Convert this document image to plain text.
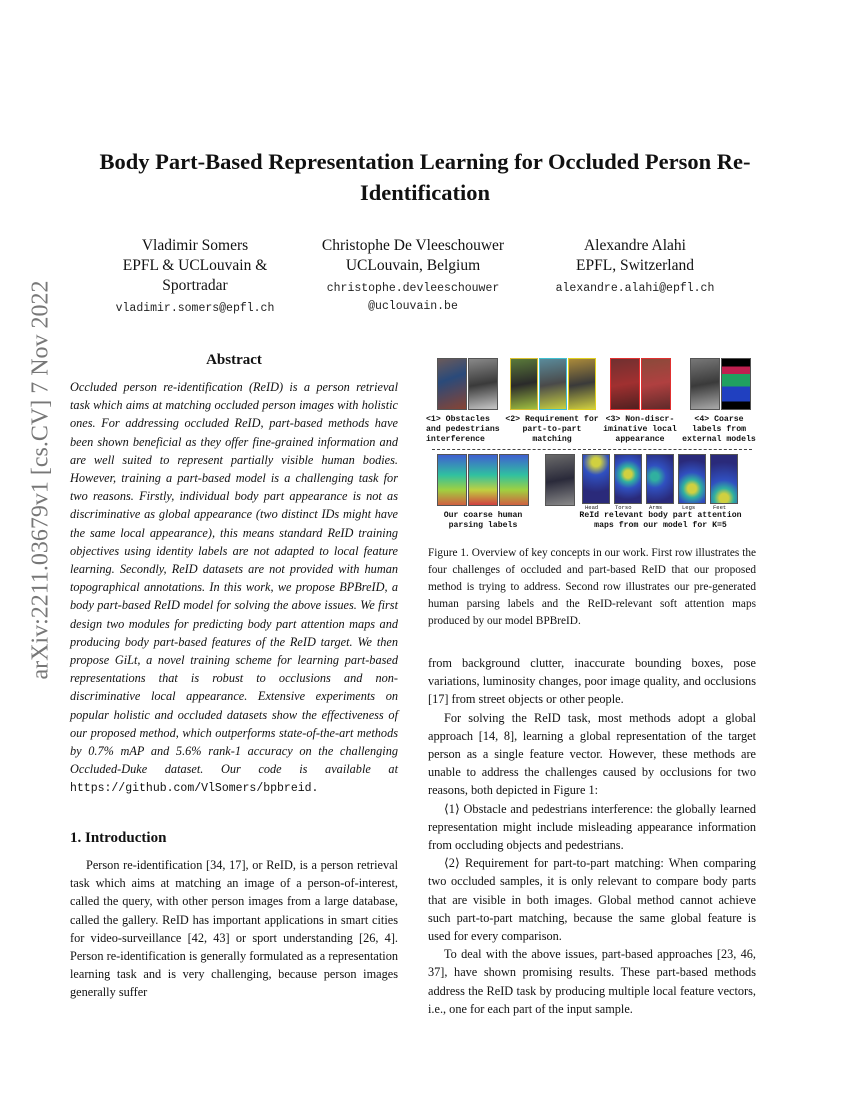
arXiv:2211.03679v1 [cs.CV] 7 Nov 2022
Body Part-Based Representation Learning for Occluded Person Re-Identification
Vladimir Somers
EPFL & UCLouvain &
Sportradar
vladimir.somers@epfl.ch
Christophe De Vleeschouwer
UCLouvain, Belgium
christophe.devleeschouwer
@uclouvain.be
Alexandre Alahi
EPFL, Switzerland
alexandre.alahi@epfl.ch
Abstract
Occluded person re-identification (ReID) is a person retrieval task which aims at matching occluded person images with holistic ones. For addressing occluded ReID, part-based methods have been shown beneficial as they offer fine-grained information and are well suited to represent partially visible human bodies. However, training a part-based model is a challenging task for two reasons. Firstly, individual body part appearance is not as discriminative as global appearance (two distinct IDs might have the same local appearance), this means standard ReID training objectives using identity labels are not adapted to local feature learning. Secondly, ReID datasets are not provided with human topographical annotations. In this work, we propose BPBreID, a body part-based ReID model for solving the above issues. We first design two modules for predicting body part attention maps and producing body part-based features of the ReID target. We then propose GiLt, a novel training scheme for learning part-based representations that is robust to occlusions and non-discriminative local appearance. Extensive experiments on popular holistic and occluded datasets show the effectiveness of our proposed method, which outperforms state-of-the-art methods by 0.7% mAP and 5.6% rank-1 accuracy on the challenging Occluded-Duke dataset. Our code is available at https://github.com/VlSomers/bpbreid.
1. Introduction
Person re-identification [34, 17], or ReID, is a person retrieval task which aims at matching an image of a person-of-interest, called the query, with other person images from a large database, called the gallery. ReID has important applications in smart cities for video-surveillance [42, 43] or sport understanding [26, 4]. Person re-identification is generally formulated as a representation learning task and is very challenging, because person images generally suffer
<1> Obstacles
and pedestrians
interference
<2> Requirement for
part-to-part
matching
<3> Non-discr-
iminative local
appearance
<4> Coarse
labels from
external models
Head	Torso	Arms	Legs	Feet
Our coarse human
parsing labels
ReId relevant body part attention
maps from our model for K=5
Figure 1. Overview of key concepts in our work. First row illustrates the four challenges of occluded and part-based ReID that our proposed method is trying to address. Second row illustrates our pre-generated human parsing labels and the ReID-relevant soft attention maps produced by our model BPBreID.

from background clutter, inaccurate bounding boxes, pose variations, luminosity changes, poor image quality, and occlusions [17] from street objects or other people.

For solving the ReID task, most methods adopt a global approach [14, 8], learning a global representation of the target person as a single feature vector. However, these methods are unable to address the challenges caused by occlusions for two reasons, both depicted in Figure 1:

⟨1⟩ Obstacle and pedestrians interference: the globally learned representation might include misleading appearance information from occluding objects and pedestrians.

⟨2⟩ Requirement for part-to-part matching: When comparing two occluded samples, it is only relevant to compare body parts that are visible in both images. Global method cannot achieve such part-to-part matching, because the same global feature is used for every comparison.

To deal with the above issues, part-based approaches [23, 46, 37], have shown promising results. These part-based methods address the ReID task by producing multiple local feature vectors, i.e., one for each part of the input sample.
